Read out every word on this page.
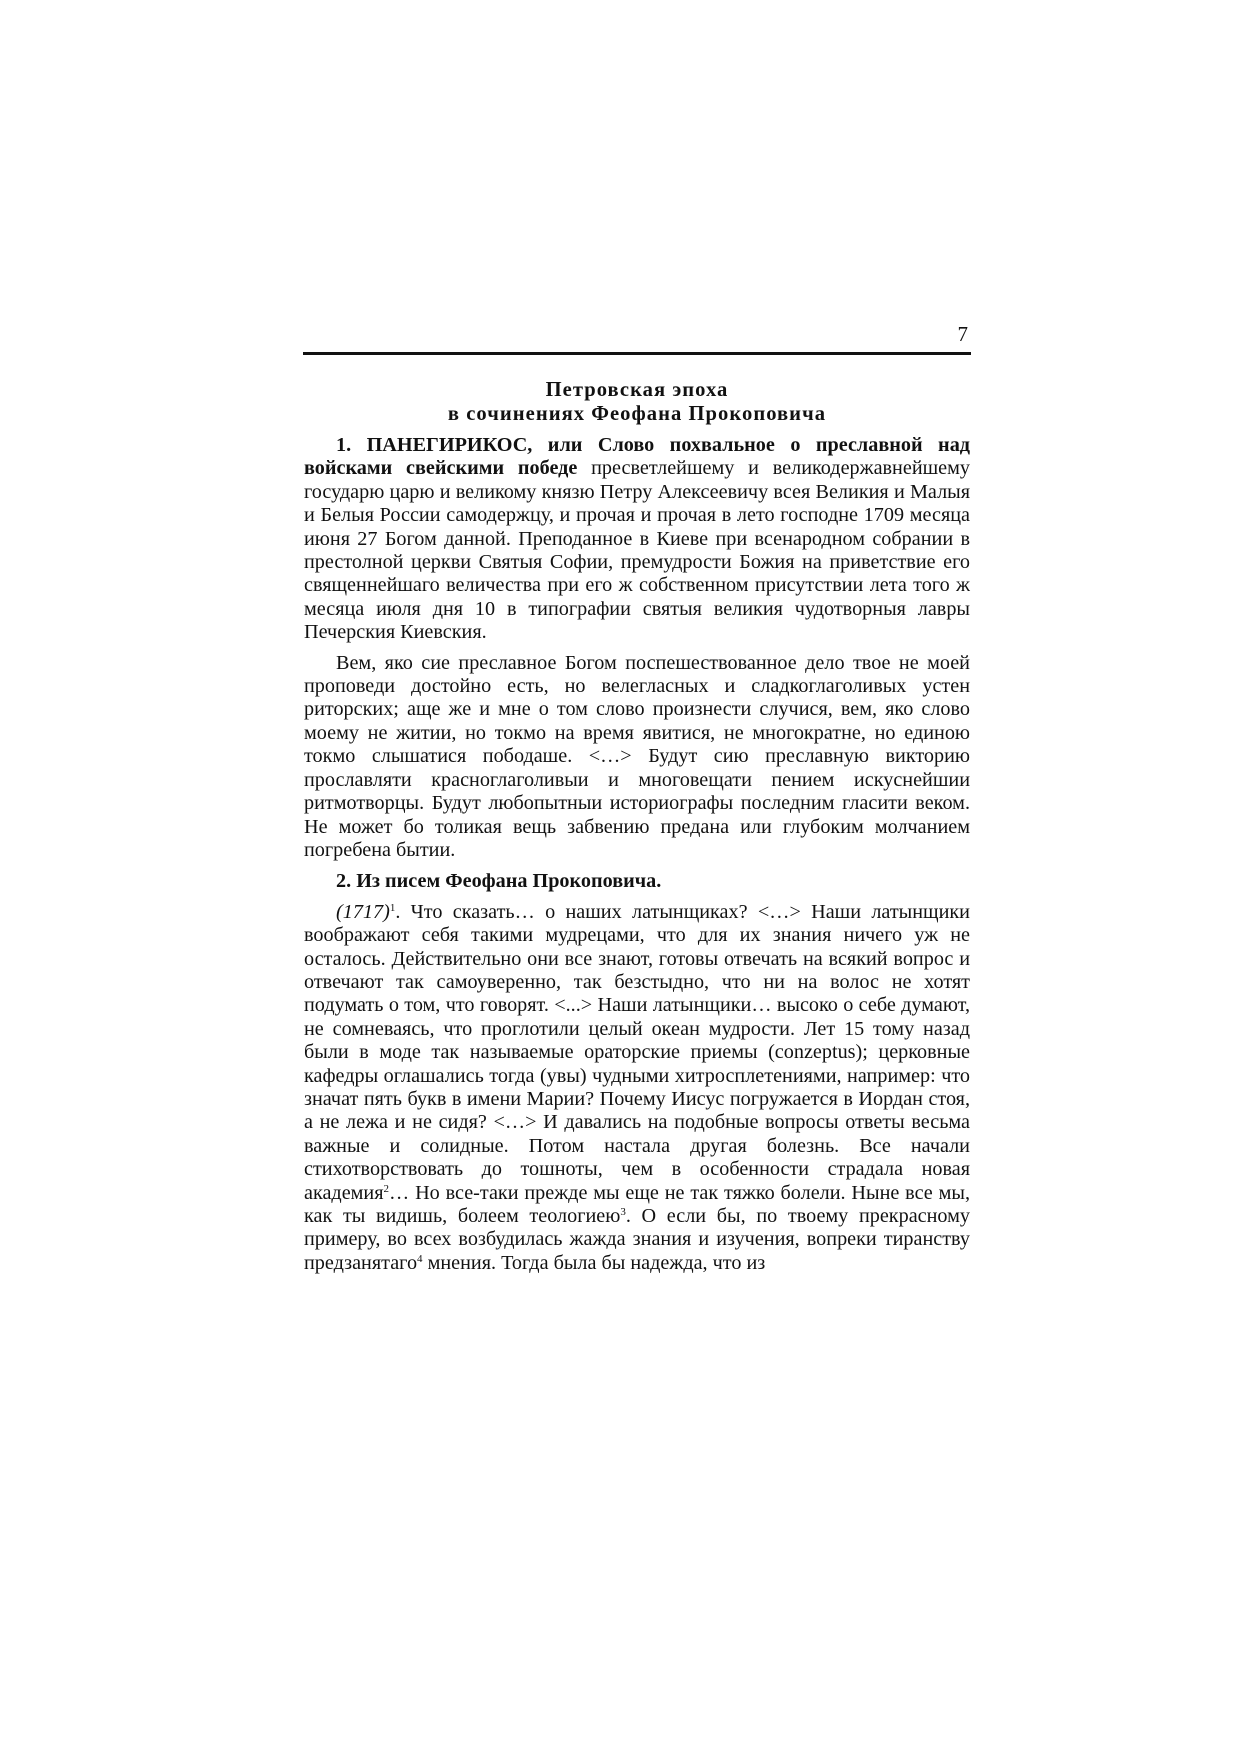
7
Петровская эпоха
в сочинениях Феофана Прокоповича

1. ПАНЕГИРИКОС, или Слово похвальное о преславной над войсками свейскими победе пресветлейшему и великодержавнейшему государю царю и великому князю Петру Алексеевичу всея Великия и Малыя и Белыя России самодержцу, и прочая и прочая в лето господне 1709 месяца июня 27 Богом данной. Преподанное в Киеве при всенародном собрании в престолной церкви Святыя Софии, премудрости Божия на приветствие его священнейшаго величества при его ж собственном присутствии лета того ж месяца июля дня 10 в типографии святыя великия чудотворныя лавры Печерския Киевския.

Вем, яко сие преславное Богом поспешествованное дело твое не моей проповеди достойно есть, но велегласных и сладкоглаголивых устен риторских; аще же и мне о том слово произнести случися, вем, яко слово моему не житии, но токмо на время явитися, не многократне, но единою токмо слышатися пободаше. <…> Будут сию преславную викторию прославляти красноглаголивыи и многовещати пением искуснейшии ритмотворцы. Будут любопытныи историографы последним гласити веком. Не может бо толикая вещь забвению предана или глубоким молчанием погребена бытии.

2. Из писем Феофана Прокоповича.

$(1717)^1$. Что сказать… о наших латынщиках? <…> Наши латынщики воображают себя такими мудрецами, что для их знания ничего уж не осталось. Действительно они все знают, готовы отвечать на всякий вопрос и отвечают так самоуверенно, так безстыдно, что ни на волос не хотят подумать о том, что говорят. <...> Наши латынщики… высоко о себе думают, не сомневаясь, что проглотили целый океан мудрости. Лет 15 тому назад были в моде так называемые ораторские приемы (conzeptus); церковные кафедры оглашались тогда (увы) чудными хитросплетениями, например: что значат пять букв в имени Марии? Почему Иисус погружается в Иордан стоя, а не лежа и не сидя? <…> И давались на подобные вопросы ответы весьма важные и солидные. Потом настала другая болезнь. Все начали стихотворствовать до тошноты, чем в особенности страдала новая академия$^2$… Но все-таки прежде мы еще не так тяжко болели. Ныне все мы, как ты видишь, болеем теологиею$^3$. О если бы, по твоему прекрасному примеру, во всех возбудилась жажда знания и изучения, вопреки тиранству предзанятаго$^4$ мнения. Тогда была бы надежда, что из
